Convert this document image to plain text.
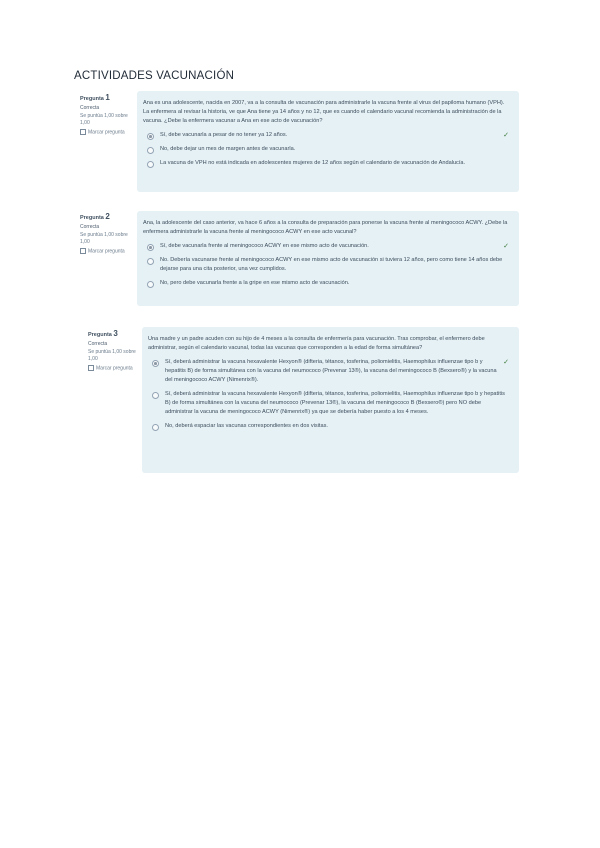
ACTIVIDADES VACUNACIÓN
Pregunta 1
Correcta
Se puntúa 1,00 sobre 1,00
Marcar pregunta
Ana es una adolescente, nacida en 2007, va a la consulta de vacunación para administrarle la vacuna frente al virus del papiloma humano (VPH). La enfermera al revisar la historia, ve que Ana tiene ya 14 años y no 12, que es cuando el calendario vacunal recomienda la administración de la vacuna. ¿Debe la enfermera vacunar a Ana en ese acto de vacunación?
Sí, debe vacunarla a pesar de no tener ya 12 años.	✓
No, debe dejar un mes de margen antes de vacunarla.
La vacuna de VPH no está indicada en adolescentes mujeres de 12 años según el calendario de vacunación de Andalucía.
Pregunta 2
Correcta
Se puntúa 1,00 sobre 1,00
Marcar pregunta
Ana, la adolescente del caso anterior, va hace 6 años a la consulta de preparación para ponerse la vacuna frente al meningococo ACWY. ¿Debe la enfermera administrarle la vacuna frente al meningococo ACWY en ese acto vacunal?
Sí, debe vacunarla frente al meningococo ACWY en ese mismo acto de vacunación.	✓
No. Debería vacunarse frente al meningococo ACWY en ese mismo acto de vacunación si tuviera 12 años, pero como tiene 14 años debe dejarse para una cita posterior, una vez cumplidos.
No, pero debe vacunarla frente a la gripe en ese mismo acto de vacunación.
Pregunta 3
Correcta
Se puntúa 1,00 sobre 1,00
Marcar pregunta
Una madre y un padre acuden con su hijo de 4 meses a la consulta de enfermería para vacunación. Tras comprobar, el enfermero debe administrar, según el calendario vacunal, todas las vacunas que corresponden a la edad de forma simultánea?
Sí, deberá administrar la vacuna hexavalente Hexyon® (difteria, tétanos, tosferina, poliomielitis, Haemophilus influenzae tipo b y hepatitis B) de forma simultánea con la vacuna del neumococo (Prevenar 13®), la vacuna del meningococo B (Bexsero®) y la vacuna del meningococo ACWY (Nimenrix®).
✓
Sí, deberá administrar la vacuna hexavalente Hexyon® (difteria, tétanos, tosferina, poliomielitis, Haemophilus influenzae tipo b y hepatitis B) de forma simultánea con la vacuna del neumococo (Prevenar 13®), la vacuna del meningococo B (Bexsero®) pero NO debe administrar la vacuna de meningococo ACWY (Nimenrix®) ya que se debería haber puesto a los 4 meses.
No, deberá espaciar las vacunas correspondientes en dos visitas.
